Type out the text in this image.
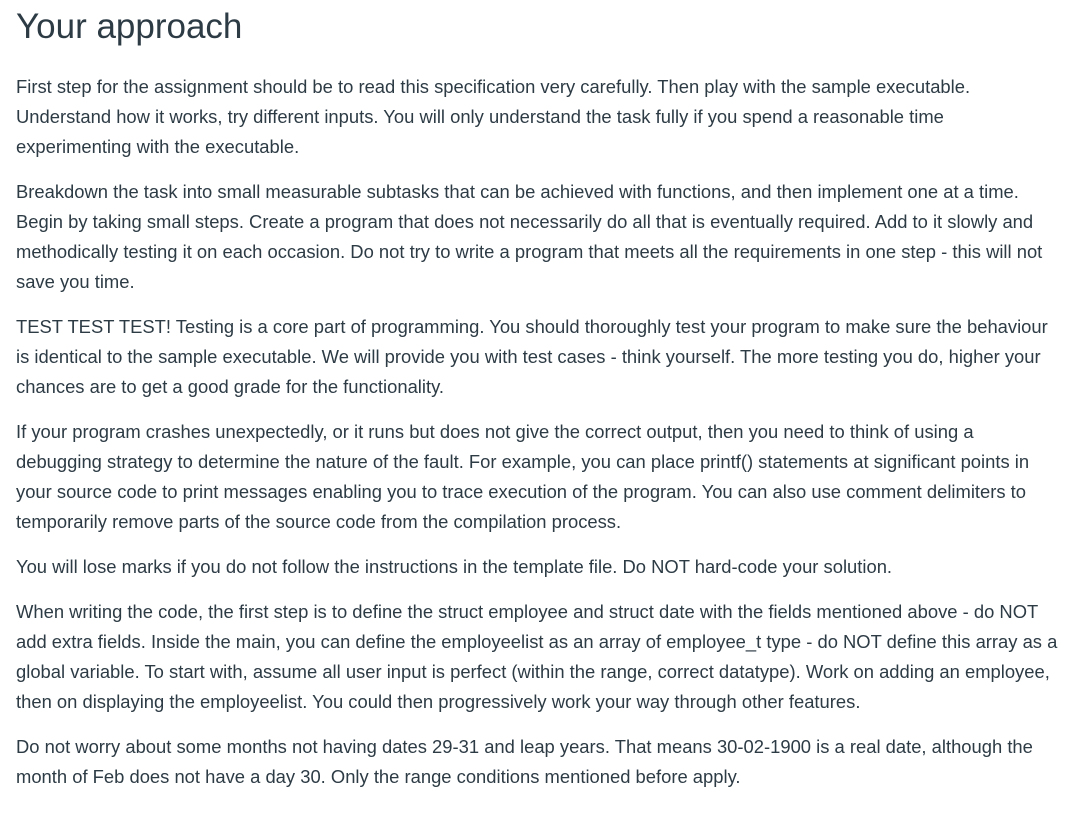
Your approach

First step for the assignment should be to read this specification very carefully. Then play with the sample executable. Understand how it works, try different inputs. You will only understand the task fully if you spend a reasonable time experimenting with the executable.

Breakdown the task into small measurable subtasks that can be achieved with functions, and then implement one at a time. Begin by taking small steps. Create a program that does not necessarily do all that is eventually required. Add to it slowly and methodically testing it on each occasion. Do not try to write a program that meets all the requirements in one step - this will not save you time.

TEST TEST TEST! Testing is a core part of programming. You should thoroughly test your program to make sure the behaviour is identical to the sample executable. We will provide you with test cases - think yourself. The more testing you do, higher your chances are to get a good grade for the functionality.

If your program crashes unexpectedly, or it runs but does not give the correct output, then you need to think of using a debugging strategy to determine the nature of the fault. For example, you can place printf() statements at significant points in your source code to print messages enabling you to trace execution of the program. You can also use comment delimiters to temporarily remove parts of the source code from the compilation process.

You will lose marks if you do not follow the instructions in the template file. Do NOT hard-code your solution.

When writing the code, the first step is to define the struct employee and struct date with the fields mentioned above - do NOT add extra fields. Inside the main, you can define the employeelist as an array of employee_t type - do NOT define this array as a global variable. To start with, assume all user input is perfect (within the range, correct datatype). Work on adding an employee, then on displaying the employeelist. You could then progressively work your way through other features.

Do not worry about some months not having dates 29-31 and leap years. That means 30-02-1900 is a real date, although the month of Feb does not have a day 30. Only the range conditions mentioned before apply.
